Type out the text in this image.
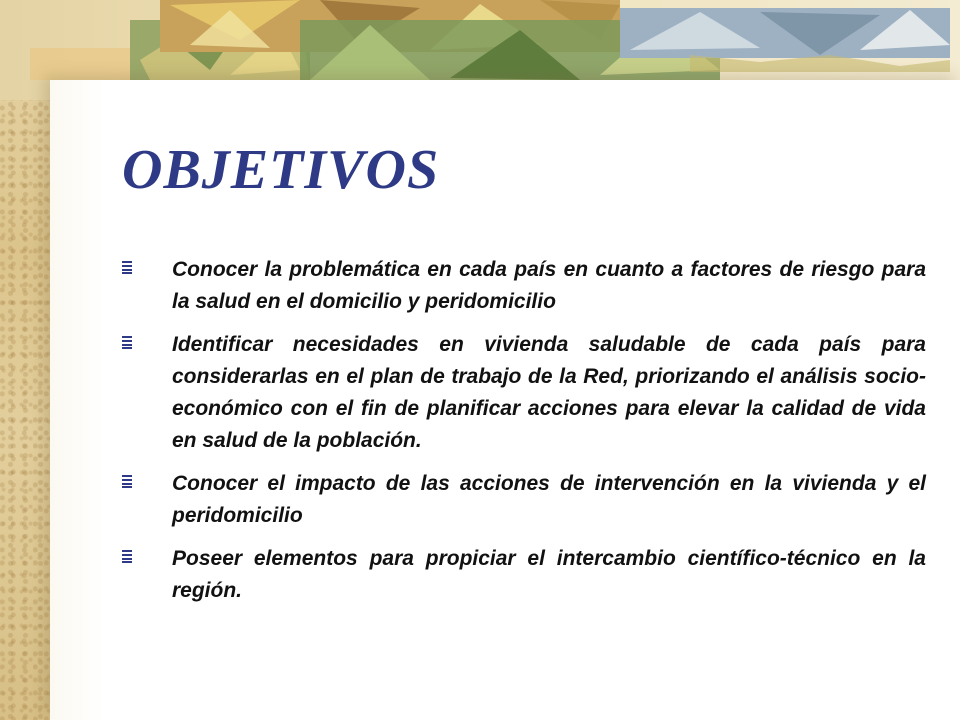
OBJETIVOS
Conocer la problemática en cada país en cuanto a factores de riesgo para la salud en el domicilio y peridomicilio
Identificar necesidades en vivienda saludable de cada país para considerarlas en el plan de trabajo de la Red, priorizando el análisis socio-económico con el fin de planificar acciones para elevar la calidad de vida en salud de la población.
Conocer el impacto de las acciones de intervención en la vivienda y el peridomicilio
Poseer elementos para propiciar el intercambio científico-técnico en la región.
